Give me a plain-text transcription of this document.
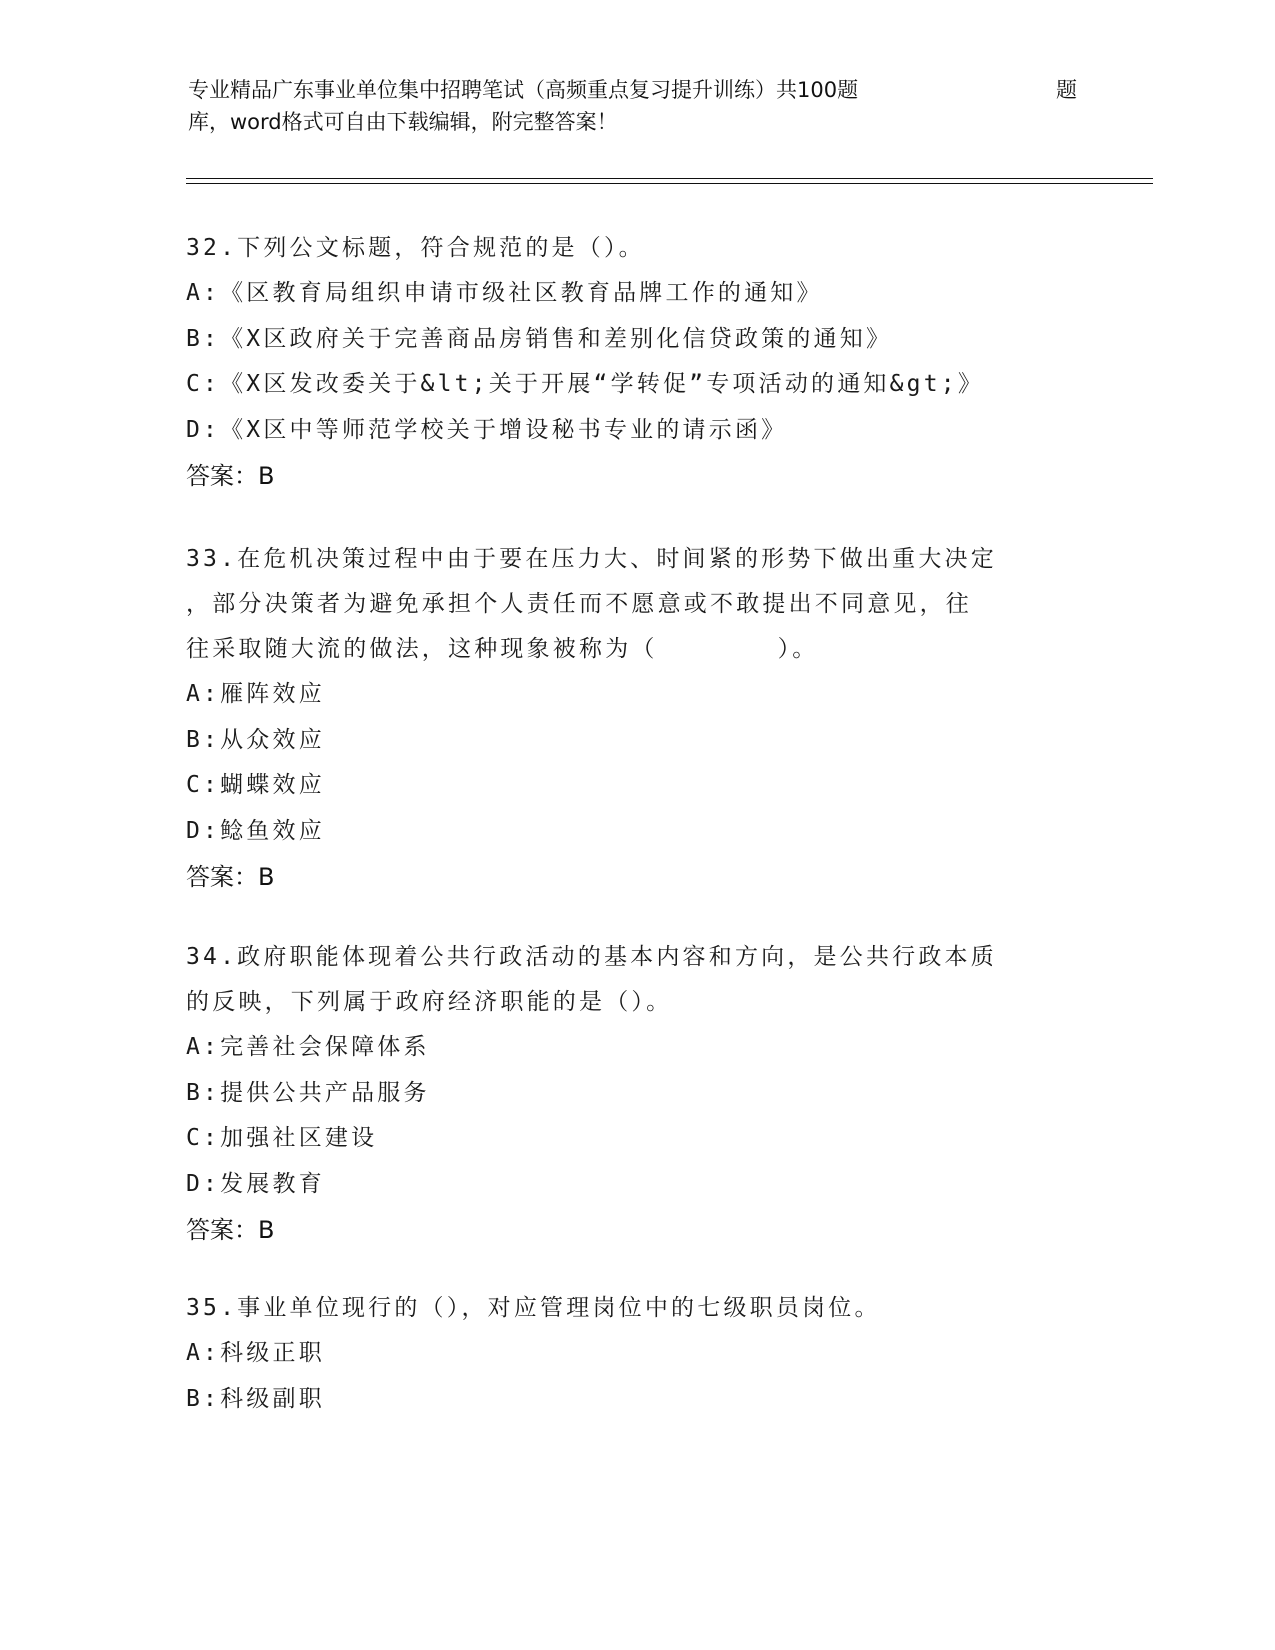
专业精品广东事业单位集中招聘笔试（高频重点复习提升训练）共100题	题
库，word格式可自由下载编辑，附完整答案！
32.下列公文标题，符合规范的是（）。
A:《区教育局组织申请市级社区教育品牌工作的通知》
B:《X区政府关于完善商品房销售和差别化信贷政策的通知》
C:《X区发改委关于&lt;关于开展“学转促”专项活动的通知&gt;》
D:《X区中等师范学校关于增设秘书专业的请示函》
答案：B
33.在危机决策过程中由于要在压力大、时间紧的形势下做出重大决定
，部分决策者为避免承担个人责任而不愿意或不敢提出不同意见，往
往采取随大流的做法，这种现象被称为（	）。
A:雁阵效应
B:从众效应
C:蝴蝶效应
D:鲶鱼效应
答案：B
34.政府职能体现着公共行政活动的基本内容和方向，是公共行政本质
的反映，下列属于政府经济职能的是（）。
A:完善社会保障体系
B:提供公共产品服务
C:加强社区建设
D:发展教育
答案：B
35.事业单位现行的（），对应管理岗位中的七级职员岗位。
A:科级正职
B:科级副职
